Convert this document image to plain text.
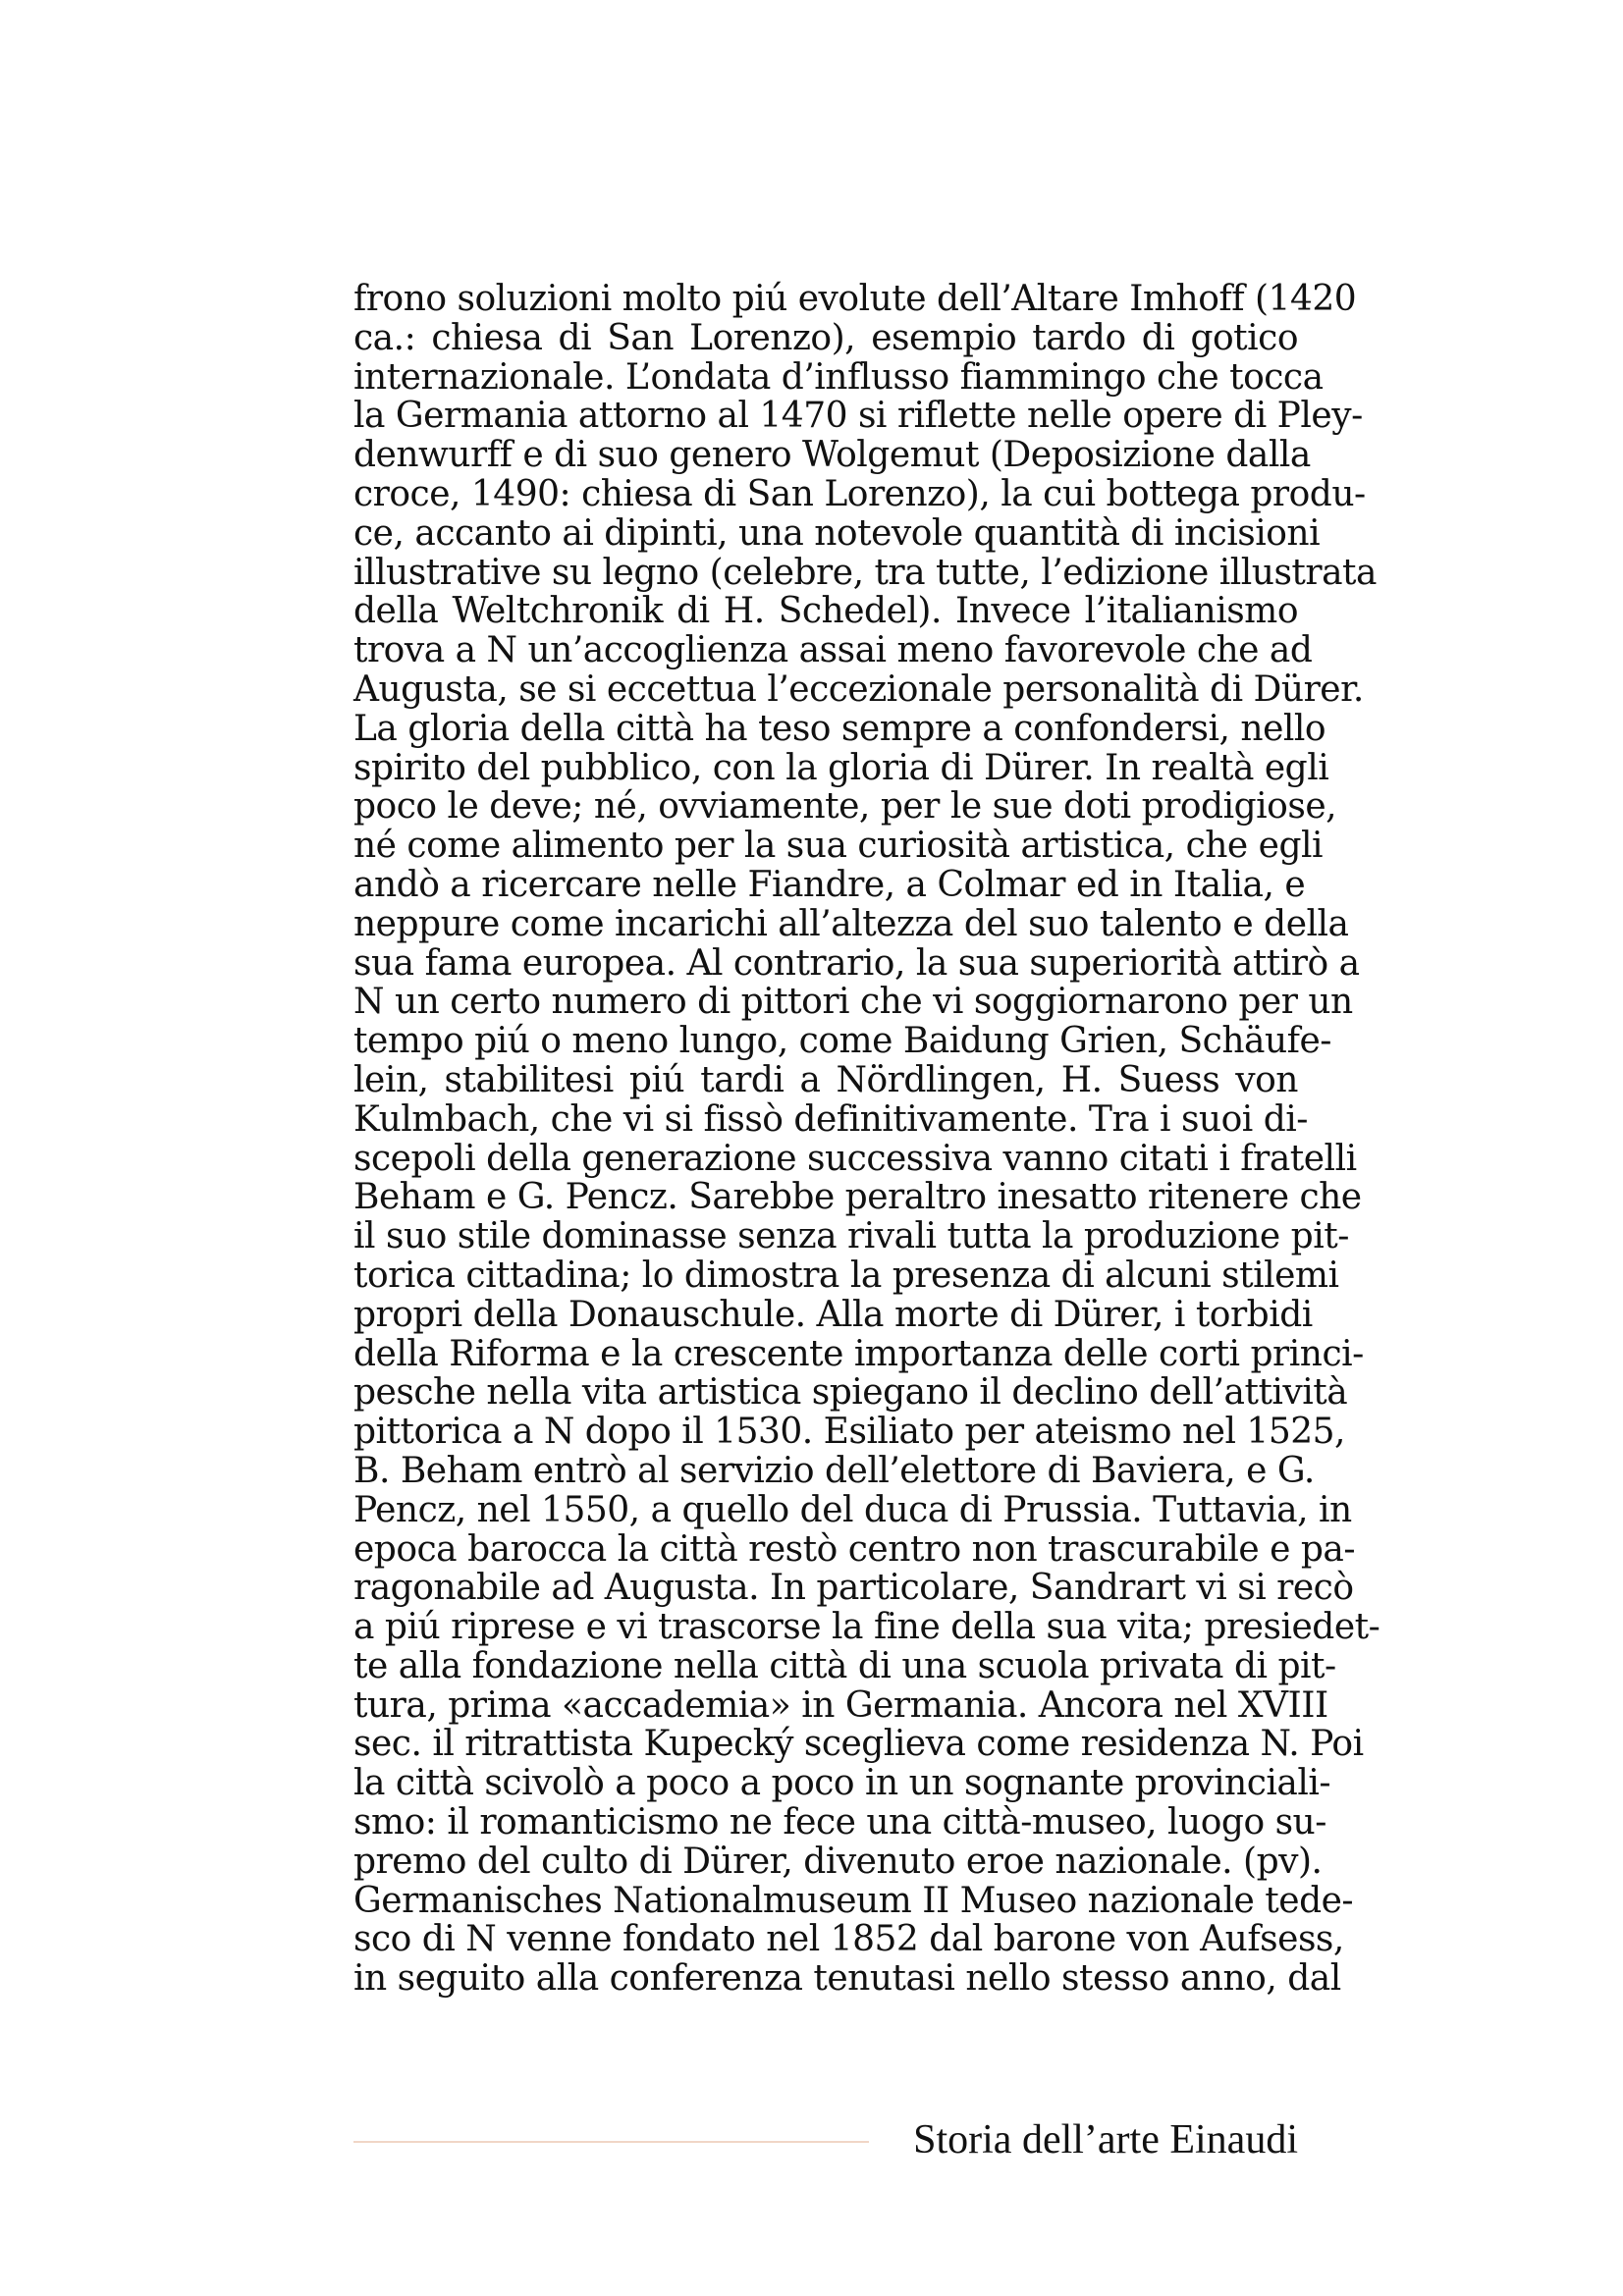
frono soluzioni molto piú evolute dell’Altare Imhoff (1420
ca.: chiesa di San Lorenzo), esempio tardo di gotico
internazionale. L’ondata d’influsso fiammingo che tocca
la Germania attorno al 1470 si riflette nelle opere di Pley-
denwurff e di suo genero Wolgemut (Deposizione dalla
croce, 1490: chiesa di San Lorenzo), la cui bottega produ-
ce, accanto ai dipinti, una notevole quantità di incisioni
illustrative su legno (celebre, tra tutte, l’edizione illustrata
della Weltchronik di H. Schedel). Invece l’italianismo
trova a N un’accoglienza assai meno favorevole che ad
Augusta, se si eccettua l’eccezionale personalità di Dürer.
La gloria della città ha teso sempre a confondersi, nello
spirito del pubblico, con la gloria di Dürer. In realtà egli
poco le deve; né, ovviamente, per le sue doti prodigiose,
né come alimento per la sua curiosità artistica, che egli
andò a ricercare nelle Fiandre, a Colmar ed in Italia, e
neppure come incarichi all’altezza del suo talento e della
sua fama europea. Al contrario, la sua superiorità attirò a
N un certo numero di pittori che vi soggiornarono per un
tempo piú o meno lungo, come Baidung Grien, Schäufe-
lein, stabilitesi piú tardi a Nördlingen, H. Suess von
Kulmbach, che vi si fissò definitivamente. Tra i suoi di-
scepoli della generazione successiva vanno citati i fratelli
Beham e G. Pencz. Sarebbe peraltro inesatto ritenere che
il suo stile dominasse senza rivali tutta la produzione pit-
torica cittadina; lo dimostra la presenza di alcuni stilemi
propri della Donauschule. Alla morte di Dürer, i torbidi
della Riforma e la crescente importanza delle corti princi-
pesche nella vita artistica spiegano il declino dell’attività
pittorica a N dopo il 1530. Esiliato per ateismo nel 1525,
B. Beham entrò al servizio dell’elettore di Baviera, e G.
Pencz, nel 1550, a quello del duca di Prussia. Tuttavia, in
epoca barocca la città restò centro non trascurabile e pa-
ragonabile ad Augusta. In particolare, Sandrart vi si recò
a piú riprese e vi trascorse la fine della sua vita; presiedet-
te alla fondazione nella città di una scuola privata di pit-
tura, prima «accademia» in Germania. Ancora nel XVIII
sec. il ritrattista Kupecký sceglieva come residenza N. Poi
la città scivolò a poco a poco in un sognante provinciali-
smo: il romanticismo ne fece una città-museo, luogo su-
premo del culto di Dürer, divenuto eroe nazionale. (pv).
Germanisches Nationalmuseum II Museo nazionale tede-
sco di N venne fondato nel 1852 dal barone von Aufsess,
in seguito alla conferenza tenutasi nello stesso anno, dal
Storia dell’arte Einaudi
